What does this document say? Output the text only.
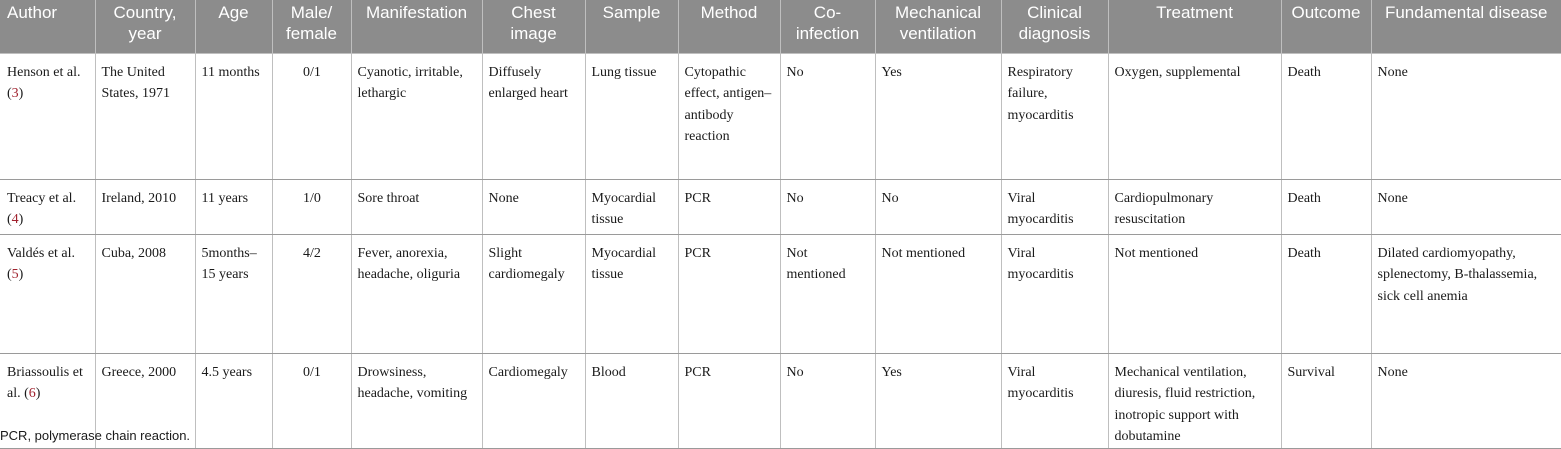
Author	Country, year	Age	Male/ female	Manifestation	Chest image	Sample	Method	Co-infection	Mechanical ventilation	Clinical diagnosis	Treatment	Outcome	Fundamental disease
Henson et al. (3)	The United States, 1971	11 months	0/1	Cyanotic, irritable, lethargic	Diffusely enlarged heart	Lung tissue	Cytopathic effect, antigen–antibody reaction	No	Yes	Respiratory failure, myocarditis	Oxygen, supplemental	Death	None
Treacy et al. (4)	Ireland, 2010	11 years	1/0	Sore throat	None	Myocardial tissue	PCR	No	No	Viral myocarditis	Cardiopulmonary resuscitation	Death	None
Valdés et al. (5)	Cuba, 2008	5months–15 years	4/2	Fever, anorexia, headache, oliguria	Slight cardiomegaly	Myocardial tissue	PCR	Not mentioned	Not mentioned	Viral myocarditis	Not mentioned	Death	Dilated cardiomyopathy, splenectomy, B-thalassemia, sick cell anemia
Briassoulis et al. (6)	Greece, 2000	4.5 years	0/1	Drowsiness, headache, vomiting	Cardiomegaly	Blood	PCR	No	Yes	Viral myocarditis	Mechanical ventilation, diuresis, fluid restriction, inotropic support with dobutamine	Survival	None
PCR, polymerase chain reaction.
